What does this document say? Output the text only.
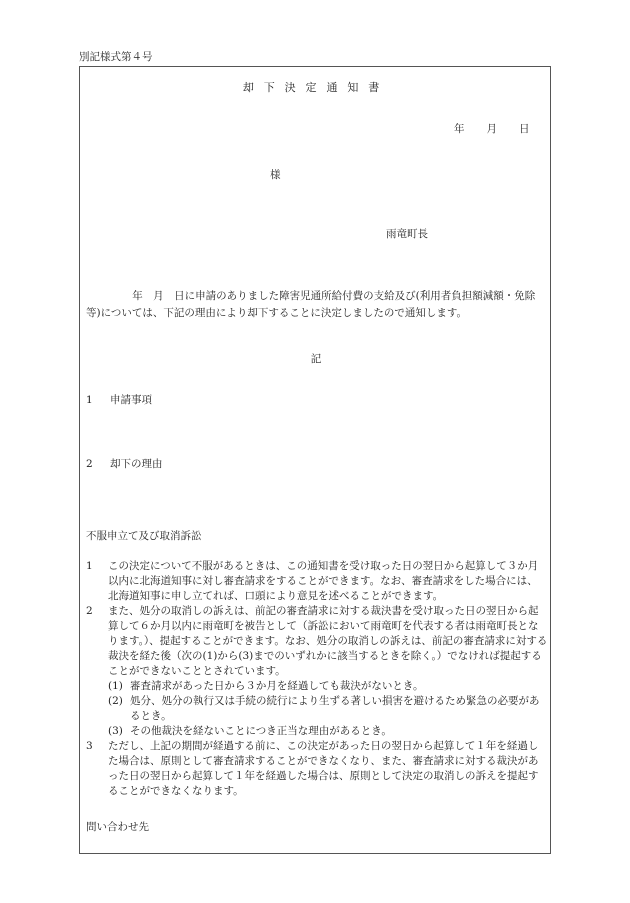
別記様式第４号
却下決定通知書
年 月 日
様
雨竜町長
年　月　日に申請のありました障害児通所給付費の支給及び(利用者負担額減額・免除等)については、下記の理由により却下することに決定しましたので通知します。
記
1 申請事項
2 却下の理由
不服申立て及び取消訴訟

1 この決定について不服があるときは、この通知書を受け取った日の翌日から起算して３か月以内に北海道知事に対し審査請求をすることができます。なお、審査請求をした場合には、北海道知事に申し立てれば、口頭により意見を述べることができます。

2 また、処分の取消しの訴えは、前記の審査請求に対する裁決書を受け取った日の翌日から起算して６か月以内に雨竜町を被告として（訴訟において雨竜町を代表する者は雨竜町長となります。）、提起することができます。なお、処分の取消しの訴えは、前記の審査請求に対する裁決を経た後（次の(1)から(3)までのいずれかに該当するときを除く。）でなければ提起することができないこととされています。

(1) 審査請求があった日から３か月を経過しても裁決がないとき。

(2) 処分、処分の執行又は手続の続行により生ずる著しい損害を避けるため緊急の必要があるとき。

(3) その他裁決を経ないことにつき正当な理由があるとき。

3 ただし、上記の期間が経過する前に、この決定があった日の翌日から起算して１年を経過した場合は、原則として審査請求することができなくなり、また、審査請求に対する裁決があった日の翌日から起算して１年を経過した場合は、原則として決定の取消しの訴えを提起することができなくなります。

問い合わせ先
